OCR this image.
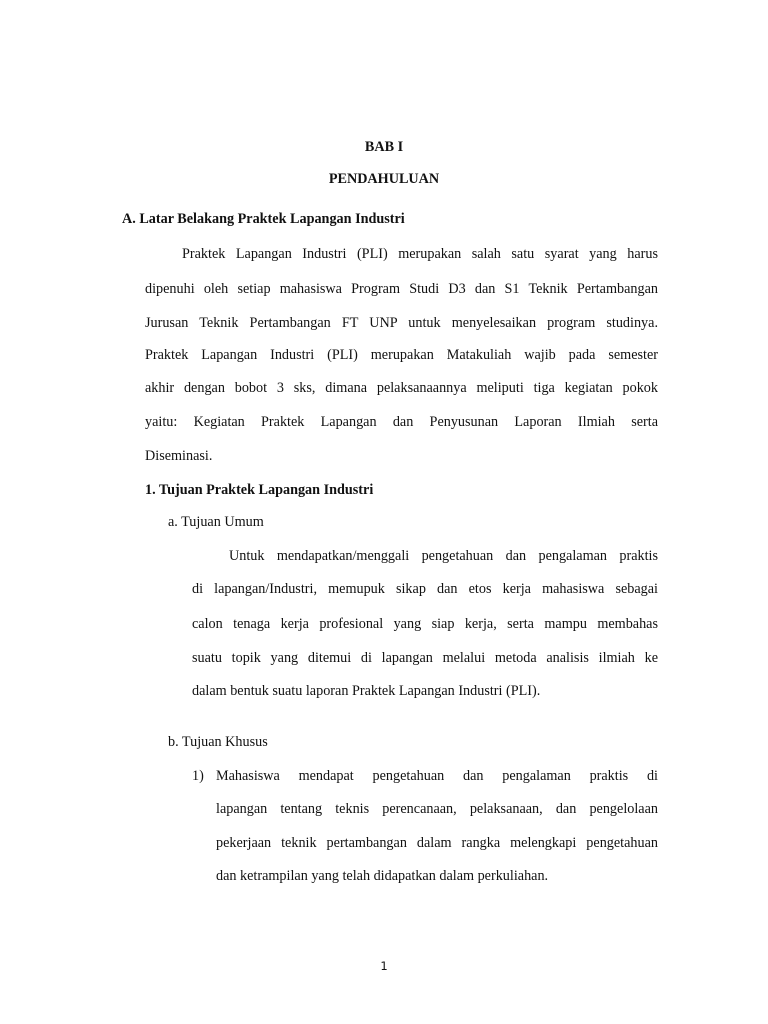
BAB I
PENDAHULUAN
A. Latar Belakang Praktek Lapangan Industri
Praktek Lapangan Industri (PLI) merupakan salah satu syarat yang harus
dipenuhi oleh setiap mahasiswa Program Studi D3 dan S1 Teknik Pertambangan
Jurusan Teknik Pertambangan FT UNP untuk menyelesaikan program studinya.
Praktek Lapangan Industri (PLI) merupakan Matakuliah wajib pada semester
akhir dengan bobot 3 sks, dimana pelaksanaannya meliputi tiga kegiatan pokok
yaitu: Kegiatan Praktek Lapangan dan Penyusunan Laporan Ilmiah serta
Diseminasi.
1. Tujuan Praktek Lapangan Industri
a. Tujuan Umum
Untuk mendapatkan/menggali pengetahuan dan pengalaman praktis
di lapangan/Industri, memupuk sikap dan etos kerja mahasiswa sebagai
calon tenaga kerja profesional yang siap kerja, serta mampu membahas
suatu topik yang ditemui di lapangan melalui metoda analisis ilmiah ke
dalam bentuk suatu laporan Praktek Lapangan Industri (PLI).
b. Tujuan Khusus
1) Mahasiswa mendapat pengetahuan dan pengalaman praktis di
lapangan tentang teknis perencanaan, pelaksanaan, dan pengelolaan
pekerjaan teknik pertambangan dalam rangka melengkapi pengetahuan
dan ketrampilan yang telah didapatkan dalam perkuliahan.
1
